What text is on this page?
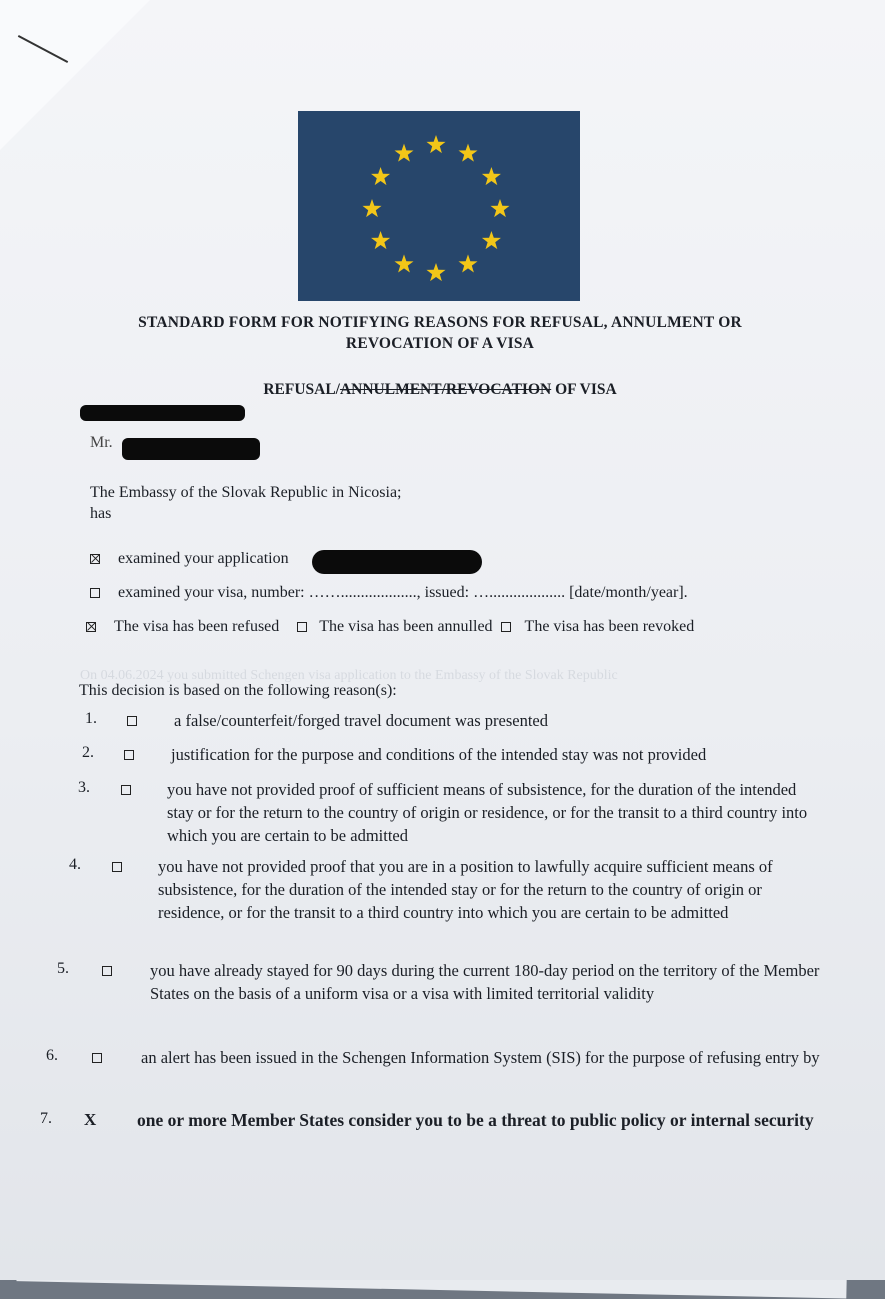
STANDARD FORM FOR NOTIFYING REASONS FOR REFUSAL, ANNULMENT OR
REVOCATION OF A VISA
REFUSAL/ANNULMENT/REVOCATION OF VISA
Mr.
The Embassy of the Slovak Republic in Nicosia;
has
examined your application
examined your visa, number: ……..................., issued: …................... [date/month/year].
The visa has been refused	The visa has been annulled The visa has been revoked
On 04.06.2024 you submitted Schengen visa application to the Embassy of the Slovak Republic
This decision is based on the following reason(s):
1.	a false/counterfeit/forged travel document was presented
2.	justification for the purpose and conditions of the intended stay was not provided
3.	you have not provided proof of sufficient means of subsistence, for the duration of the intended stay or for the return to the country of origin or residence, or for the transit to a third country into which you are certain to be admitted
4.	you have not provided proof that you are in a position to lawfully acquire sufficient means of subsistence, for the duration of the intended stay or for the return to the country of origin or residence, or for the transit to a third country into which you are certain to be admitted
5.	you have already stayed for 90 days during the current 180-day period on the territory of the Member States on the basis of a uniform visa or a visa with limited territorial validity
6.	an alert has been issued in the Schengen Information System (SIS) for the purpose of refusing entry by
7. X one or more Member States consider you to be a threat to public policy or internal security
